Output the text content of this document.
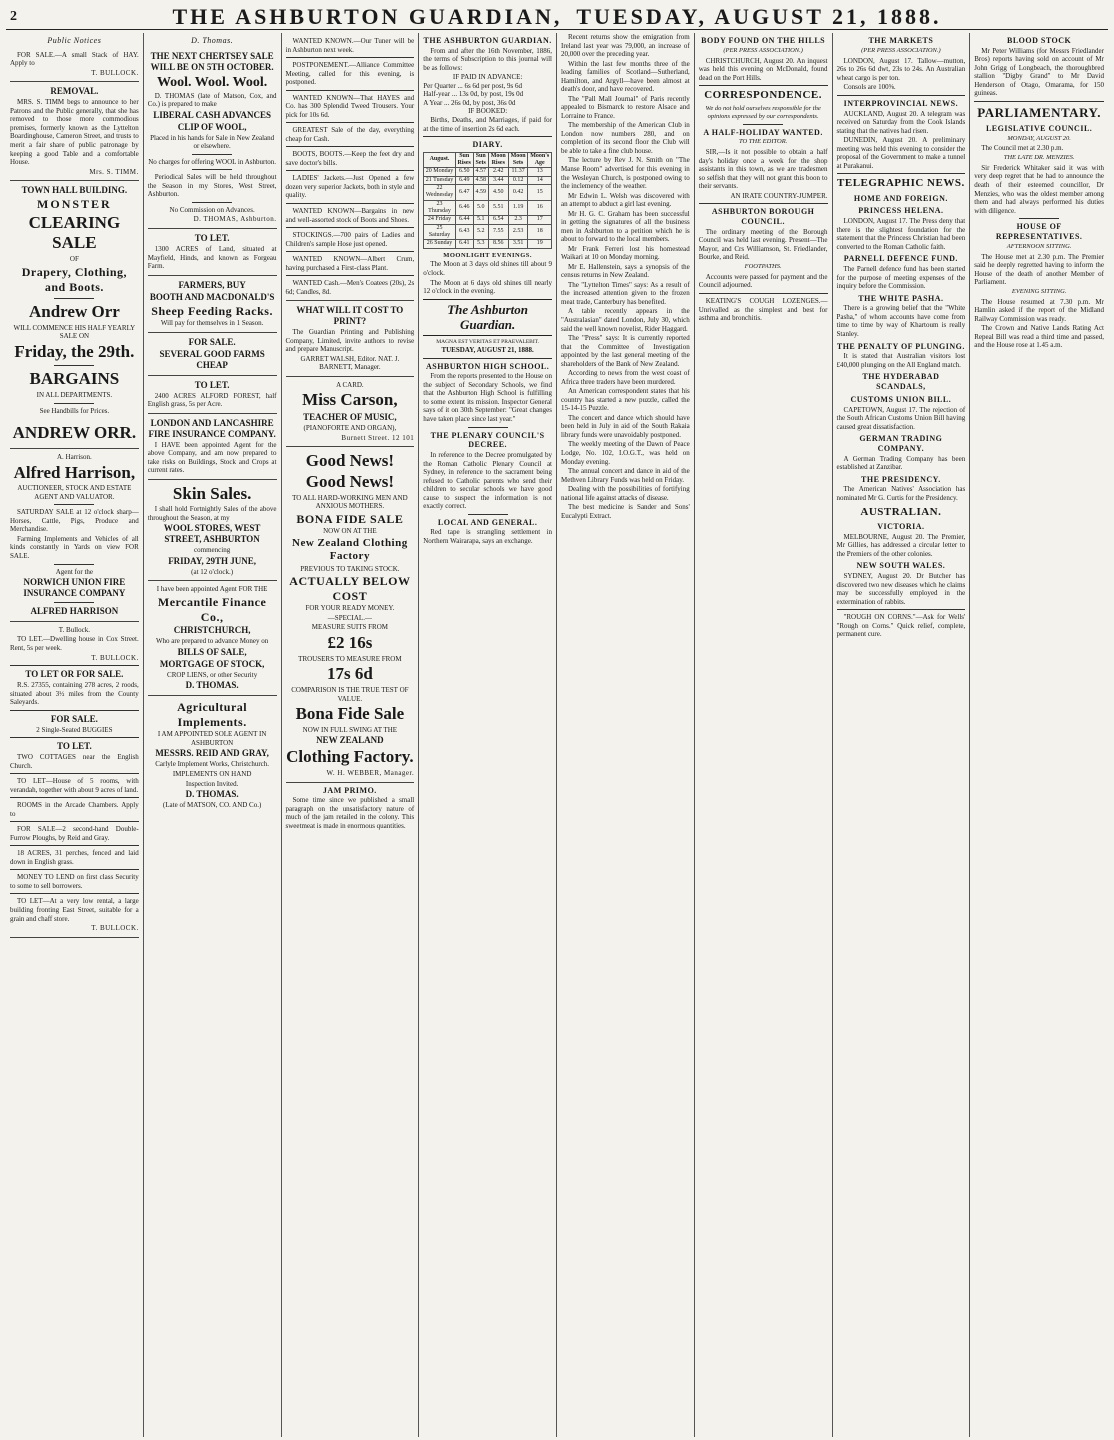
2	THE ASHBURTON GUARDIAN, TUESDAY, AUGUST 21, 1888.
Public Notices

FOR SALE.—A small Stack of HAY. Apply to

T. BULLOCK.

REMOVAL.

MRS. S. TIMM begs to announce to her Patrons and the Public generally, that she has removed to those more commodious premises, formerly known as the Lyttelton Boardinghouse, Cameron Street, and trusts to merit a fair share of public patronage by keeping a good Table and a comfortable House.

Mrs. S. TIMM.

TOWN HALL BUILDING.

MONSTER

CLEARING SALE

OF

Drapery, Clothing,

and Boots.

Andrew Orr

WILL COMMENCE HIS HALF YEARLY SALE ON

Friday, the 29th.

BARGAINS

IN ALL DEPARTMENTS.

See Handbills for Prices.

ANDREW ORR.

A. Harrison.

Alfred Harrison,

AUCTIONEER, STOCK AND ESTATE AGENT AND VALUATOR.

SATURDAY SALE at 12 o'clock sharp—Horses, Cattle, Pigs, Produce and Merchandise.

Farming Implements and Vehicles of all kinds constantly in Yards on view FOR SALE.

Agent for the

NORWICH UNION FIRE INSURANCE COMPANY

ALFRED HARRISON

T. Bullock.

TO LET.—Dwelling house in Cox Street. Rent, 5s per week.

T. BULLOCK.

TO LET OR FOR SALE.

R.S. 27355, containing 278 acres, 2 roods, situated about 3½ miles from the County Saleyards.

FOR SALE.

2 Single-Seated BUGGIES

TO LET.

TWO COTTAGES near the English Church.

TO LET—House of 5 rooms, with verandah, together with about 9 acres of land.

ROOMS in the Arcade Chambers. Apply to

FOR SALE—2 second-hand Double-Furrow Ploughs, by Reid and Gray.

18 ACRES, 31 perches, fenced and laid down in English grass.

MONEY TO LEND on first class Security to some to sell borrowers.

TO LET—At a very low rental, a large building fronting East Street, suitable for a grain and chaff store.

T. BULLOCK.

D. Thomas.

THE NEXT CHERTSEY SALE WILL BE ON 5TH OCTOBER.

Wool. Wool. Wool.

D. THOMAS (late of Matson, Cox, and Co.) is prepared to make

LIBERAL CASH ADVANCES

CLIP OF WOOL,

Placed in his hands for Sale in New Zealand or elsewhere.

No charges for offering WOOL in Ashburton.

Periodical Sales will be held throughout the Season in my Stores, West Street, Ashburton.

No Commission on Advances.

D. THOMAS, Ashburton.

TO LET.

1300 ACRES of Land, situated at Mayfield, Hinds, and known as Forgeau Farm.

FARMERS, BUY

BOOTH AND MACDONALD'S

Sheep Feeding Racks.

Will pay for themselves in 1 Season.

FOR SALE.

SEVERAL GOOD FARMS CHEAP

TO LET.

2400 ACRES ALFORD FOREST, half English grass, 5s per Acre.

LONDON AND LANCASHIRE FIRE INSURANCE COMPANY.

I HAVE been appointed Agent for the above Company, and am now prepared to take risks on Buildings, Stock and Crops at current rates.

Skin Sales.

I shall hold Fortnightly Sales of the above throughout the Season, at my

WOOL STORES, WEST STREET, ASHBURTON

commencing

FRIDAY, 29TH JUNE,

(at 12 o'clock.)

I have been appointed Agent FOR THE

Mercantile Finance Co.,

CHRISTCHURCH,

Who are prepared to advance Money on

BILLS OF SALE,

MORTGAGE OF STOCK,

CROP LIENS, or other Security

D. THOMAS.

Agricultural Implements.

I AM APPOINTED SOLE AGENT IN ASHBURTON

MESSRS. REID AND GRAY,

Carlyle Implement Works, Christchurch.

IMPLEMENTS ON HAND

Inspection Invited.

D. THOMAS.

(Late of MATSON, CO. AND Co.)

WANTED KNOWN.—Our Tuner will be in Ashburton next week.

POSTPONEMENT.—Alliance Committee Meeting, called for this evening, is postponed.

WANTED KNOWN—That HAYES and Co. has 300 Splendid Tweed Trousers. Your pick for 10s 6d.

GREATEST Sale of the day, everything cheap for Cash.

BOOTS, BOOTS.—Keep the feet dry and save doctor's bills.

LADIES' Jackets.—Just Opened a few dozen very superior Jackets, both in style and quality.

WANTED KNOWN—Bargains in new and well-assorted stock of Boots and Shoes.

STOCKINGS.—700 pairs of Ladies and Children's sample Hose just opened.

WANTED KNOWN—Albert Crum, having purchased a First-class Plant.

WANTED Cash.—Men's Coatees (20s), 2s 6d; Candles, 8d.

WHAT WILL IT COST TO PRINT?

The Guardian Printing and Publishing Company, Limited, invite authors to revise and prepare Manuscript.

GARRET WALSH, Editor. NAT. J. BARNETT, Manager.

A CARD.

Miss Carson,

TEACHER OF MUSIC,

(PIANOFORTE AND ORGAN),

Burnett Street. 12 101

Good News! Good News!

TO ALL HARD-WORKING MEN AND ANXIOUS MOTHERS.

BONA FIDE SALE

NOW ON AT THE

New Zealand Clothing Factory

PREVIOUS TO TAKING STOCK.

ACTUALLY BELOW COST

FOR YOUR READY MONEY.

—SPECIAL.—

MEASURE SUITS FROM

£2 16s

TROUSERS TO MEASURE FROM

17s 6d

COMPARISON IS THE TRUE TEST OF VALUE.

Bona Fide Sale

NOW IN FULL SWING AT THE

NEW ZEALAND

Clothing Factory.

W. H. WEBBER, Manager.

JAM PRIMO.

Some time since we published a small paragraph on the unsatisfactory nature of much of the jam retailed in the colony. This sweetmeat is made in enormous quantities.

THE ASHBURTON GUARDIAN.

From and after the 16th November, 1886, the terms of Subscription to this journal will be as follows:

IF PAID IN ADVANCE:

Per Quarter ... 6s 6d per post, 9s 6d

Half-year ... 13s 0d, by post, 19s 0d

A Year ... 26s 0d, by post, 36s 0d

IF BOOKED:

Births, Deaths, and Marriages, if paid for at the time of insertion 2s 6d each.

DIARY.
August.	Sun Rises	Sun Sets	Moon Rises	Moon Sets	Moon's Age
20 Monday	6.50	4.57	2.42	11.37	13
21 Tuesday	6.49	4.58	3.44	0.12	14
22 Wednesday	6.47	4.59	4.50	0.42	15
23 Thursday	6.46	5.0	5.51	1.19	16
24 Friday	6.44	5.1	6.54	2.3	17
25 Saturday	6.43	5.2	7.55	2.53	18
26 Sunday	6.41	5.3	8.56	3.51	19
MOONLIGHT EVENINGS.

The Moon at 3 days old shines till about 9 o'clock.

The Moon at 6 days old shines till nearly 12 o'clock in the evening.

The Ashburton Guardian.

MAGNA EST VERITAS ET PRAEVALEBIT.

TUESDAY, AUGUST 21, 1888.

ASHBURTON HIGH SCHOOL.

From the reports presented to the House on the subject of Secondary Schools, we find that the Ashburton High School is fulfilling to some extent its mission. Inspector General says of it on 30th September: "Great changes have taken place since last year."

THE PLENARY COUNCIL'S DECREE.

In reference to the Decree promulgated by the Roman Catholic Plenary Council at Sydney, in reference to the sacrament being refused to Catholic parents who send their children to secular schools we have good cause to suspect the information is not exactly correct.

LOCAL AND GENERAL.

Red tape is strangling settlement in Northern Wairarapa, says an exchange.

Recent returns show the emigration from Ireland last year was 79,000, an increase of 20,000 over the preceding year.

Within the last few months three of the leading families of Scotland—Sutherland, Hamilton, and Argyll—have been almost at death's door, and have recovered.

The "Pall Mall Journal" of Paris recently appealed to Bismarck to restore Alsace and Lorraine to France.

The membership of the American Club in London now numbers 280, and on completion of its second floor the Club will be able to take a fine club house.

The lecture by Rev J. N. Smith on "The Manse Room" advertised for this evening in the Wesleyan Church, is postponed owing to the inclemency of the weather.

Mr Edwin L. Welsh was discovered with an attempt to abduct a girl last evening.

Mr H. G. C. Graham has been successful in getting the signatures of all the business men in Ashburton to a petition which he is about to forward to the local members.

Mr Frank Ferreri lost his homestead Waikari at 10 on Monday morning.

Mr E. Hallenstein, says a synopsis of the census returns in New Zealand.

The "Lyttelton Times" says: As a result of the increased attention given to the frozen meat trade, Canterbury has benefited.

A table recently appears in the "Australasian" dated London, July 30, which said the well known novelist, Rider Haggard.

The "Press" says: It is currently reported that the Committee of Investigation appointed by the last general meeting of the shareholders of the Bank of New Zealand.

According to news from the west coast of Africa three traders have been murdered.

An American correspondent states that his country has started a new puzzle, called the 15-14-15 Puzzle.

The concert and dance which should have been held in July in aid of the South Rakaia library funds were unavoidably postponed.

The weekly meeting of the Dawn of Peace Lodge, No. 102, I.O.G.T., was held on Monday evening.

The annual concert and dance in aid of the Methven Library Funds was held on Friday.

Dealing with the possibilities of fortifying national life against attacks of disease.

The best medicine is Sander and Sons' Eucalypti Extract.

BODY FOUND ON THE HILLS
(PER PRESS ASSOCIATION.)

CHRISTCHURCH, August 20. An inquest was held this evening on McDonald, found dead on the Port Hills.

CORRESPONDENCE.

We do not hold ourselves responsible for the opinions expressed by our correspondents.

A HALF-HOLIDAY WANTED.
TO THE EDITOR.

SIR,—Is it not possible to obtain a half day's holiday once a week for the shop assistants in this town, as we are tradesmen so selfish that they will not grant this boon to their servants.

AN IRATE COUNTRY-JUMPER.

ASHBURTON BOROUGH COUNCIL.

The ordinary meeting of the Borough Council was held last evening. Present—The Mayor, and Crs Williamson, St. Friedlander, Bourke, and Reid.

FOOTPATHS.

Accounts were passed for payment and the Council adjourned.

KEATING'S COUGH LOZENGES.—Unrivalled as the simplest and best for asthma and bronchitis.

THE MARKETS
(PER PRESS ASSOCIATION.)

LONDON, August 17. Tallow—mutton, 26s to 26s 6d dwt, 23s to 24s. An Australian wheat cargo is per ton.

Consols are 100⅝.

INTERPROVINCIAL NEWS.

AUCKLAND, August 20. A telegram was received on Saturday from the Cook Islands stating that the natives had risen.

DUNEDIN, August 20. A preliminary meeting was held this evening to consider the proposal of the Government to make a tunnel at Purakanui.

TELEGRAPHIC NEWS.
HOME AND FOREIGN.
PRINCESS HELENA.

LONDON, August 17. The Press deny that there is the slightest foundation for the statement that the Princess Christian had been converted to the Roman Catholic faith.

PARNELL DEFENCE FUND.

The Parnell defence fund has been started for the purpose of meeting expenses of the inquiry before the Commission.

THE WHITE PASHA.

There is a growing belief that the "White Pasha," of whom accounts have come from time to time by way of Khartoum is really Stanley.

THE PENALTY OF PLUNGING.

It is stated that Australian visitors lost £40,000 plunging on the All England match.

THE HYDERABAD SCANDALS,
CUSTOMS UNION BILL.

CAPETOWN, August 17. The rejection of the South African Customs Union Bill having caused great dissatisfaction.

GERMAN TRADING COMPANY.

A German Trading Company has been established at Zanzibar.

THE PRESIDENCY.

The American Natives' Association has nominated Mr G. Curtis for the Presidency.

AUSTRALIAN.
VICTORIA.

MELBOURNE, August 20. The Premier, Mr Gillies, has addressed a circular letter to the Premiers of the other colonies.

NEW SOUTH WALES.

SYDNEY, August 20. Dr Butcher has discovered two new diseases which he claims may be successfully employed in the extermination of rabbits.

"ROUGH ON CORNS."—Ask for Wells' "Rough on Corns." Quick relief, complete, permanent cure.

BLOOD STOCK

Mr Peter Williams (for Messrs Friedlander Bros) reports having sold on account of Mr John Grigg of Longbeach, the thoroughbred stallion "Digby Grand" to Mr David Henderson of Otago, Omarama, for 150 guineas.

PARLIAMENTARY.
LEGISLATIVE COUNCIL.
MONDAY, AUGUST 20.

The Council met at 2.30 p.m.

THE LATE DR. MENZIES.

Sir Frederick Whitaker said it was with very deep regret that he had to announce the death of their esteemed councillor, Dr Menzies, who was the oldest member among them and had always performed his duties with diligence.

HOUSE OF REPRESENTATIVES.
AFTERNOON SITTING.

The House met at 2.30 p.m. The Premier said he deeply regretted having to inform the House of the death of another Member of Parliament.

EVENING SITTING.

The House resumed at 7.30 p.m. Mr Hamlin asked if the report of the Midland Railway Commission was ready.

The Crown and Native Lands Rating Act Repeal Bill was read a third time and passed, and the House rose at 1.45 a.m.
